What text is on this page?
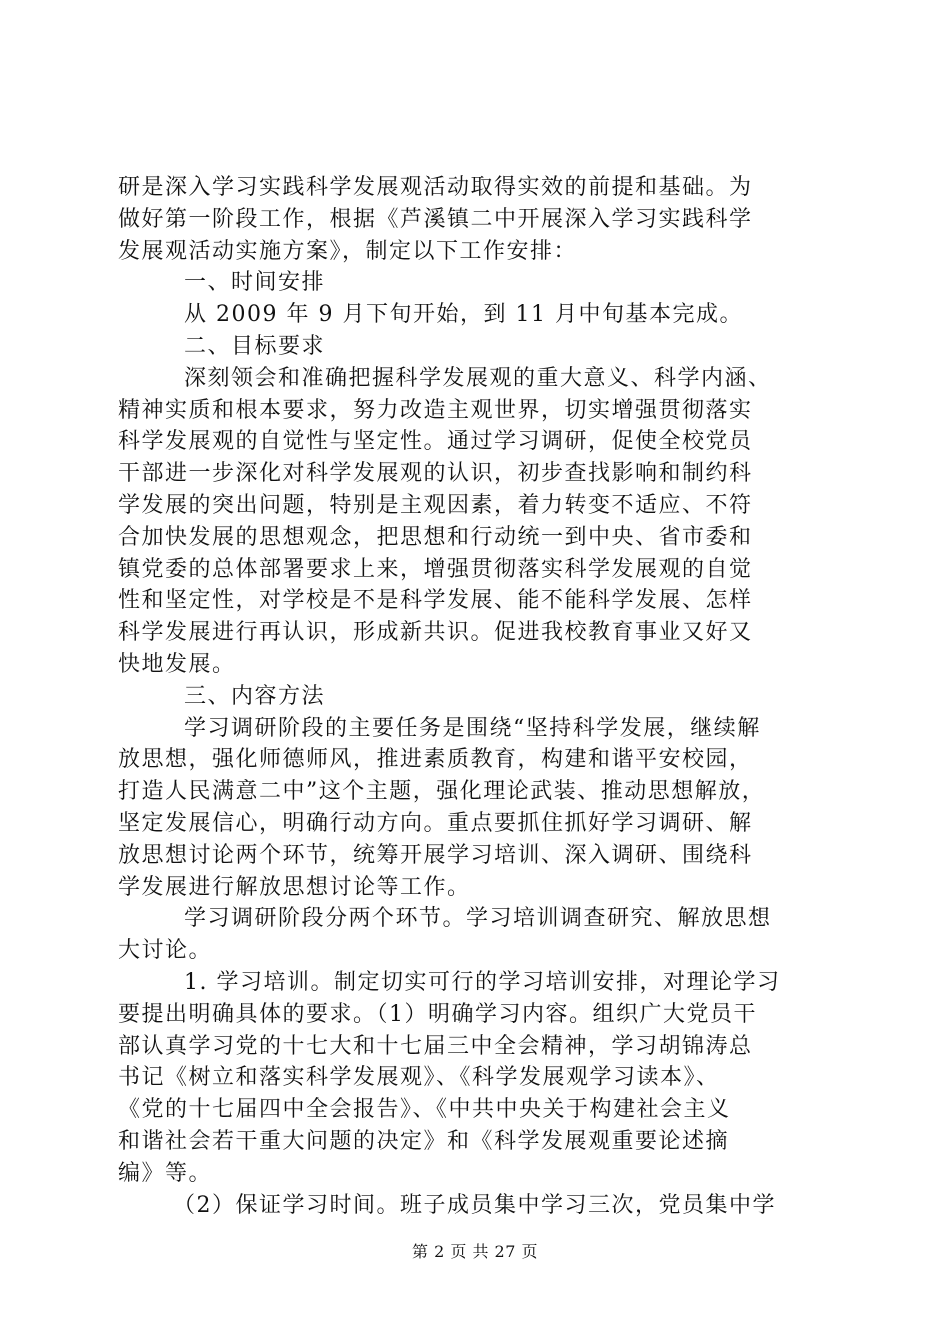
研是深入学习实践科学发展观活动取得实效的前提和基础。为
做好第一阶段工作，根据《芦溪镇二中开展深入学习实践科学
发展观活动实施方案》，制定以下工作安排：
一、时间安排
从 2009 年 9 月下旬开始，到 11 月中旬基本完成。
二、目标要求
深刻领会和准确把握科学发展观的重大意义、科学内涵、
精神实质和根本要求，努力改造主观世界，切实增强贯彻落实
科学发展观的自觉性与坚定性。通过学习调研，促使全校党员
干部进一步深化对科学发展观的认识，初步查找影响和制约科
学发展的突出问题，特别是主观因素，着力转变不适应、不符
合加快发展的思想观念，把思想和行动统一到中央、省市委和
镇党委的总体部署要求上来，增强贯彻落实科学发展观的自觉
性和坚定性，对学校是不是科学发展、能不能科学发展、怎样
科学发展进行再认识，形成新共识。促进我校教育事业又好又
快地发展。
三、内容方法
学习调研阶段的主要任务是围绕“坚持科学发展，继续解
放思想，强化师德师风，推进素质教育，构建和谐平安校园，
打造人民满意二中”这个主题，强化理论武装、推动思想解放，
坚定发展信心，明确行动方向。重点要抓住抓好学习调研、解
放思想讨论两个环节，统筹开展学习培训、深入调研、围绕科
学发展进行解放思想讨论等工作。
学习调研阶段分两个环节。学习培训调查研究、解放思想
大讨论。
1. 学习培训。制定切实可行的学习培训安排，对理论学习
要提出明确具体的要求。（1）明确学习内容。组织广大党员干
部认真学习党的十七大和十七届三中全会精神，学习胡锦涛总
书记《树立和落实科学发展观》、《科学发展观学习读本》、
《党的十七届四中全会报告》、《中共中央关于构建社会主义
和谐社会若干重大问题的决定》和《科学发展观重要论述摘
编》等。
（2）保证学习时间。班子成员集中学习三次，党员集中学
第 2 页 共 27 页
